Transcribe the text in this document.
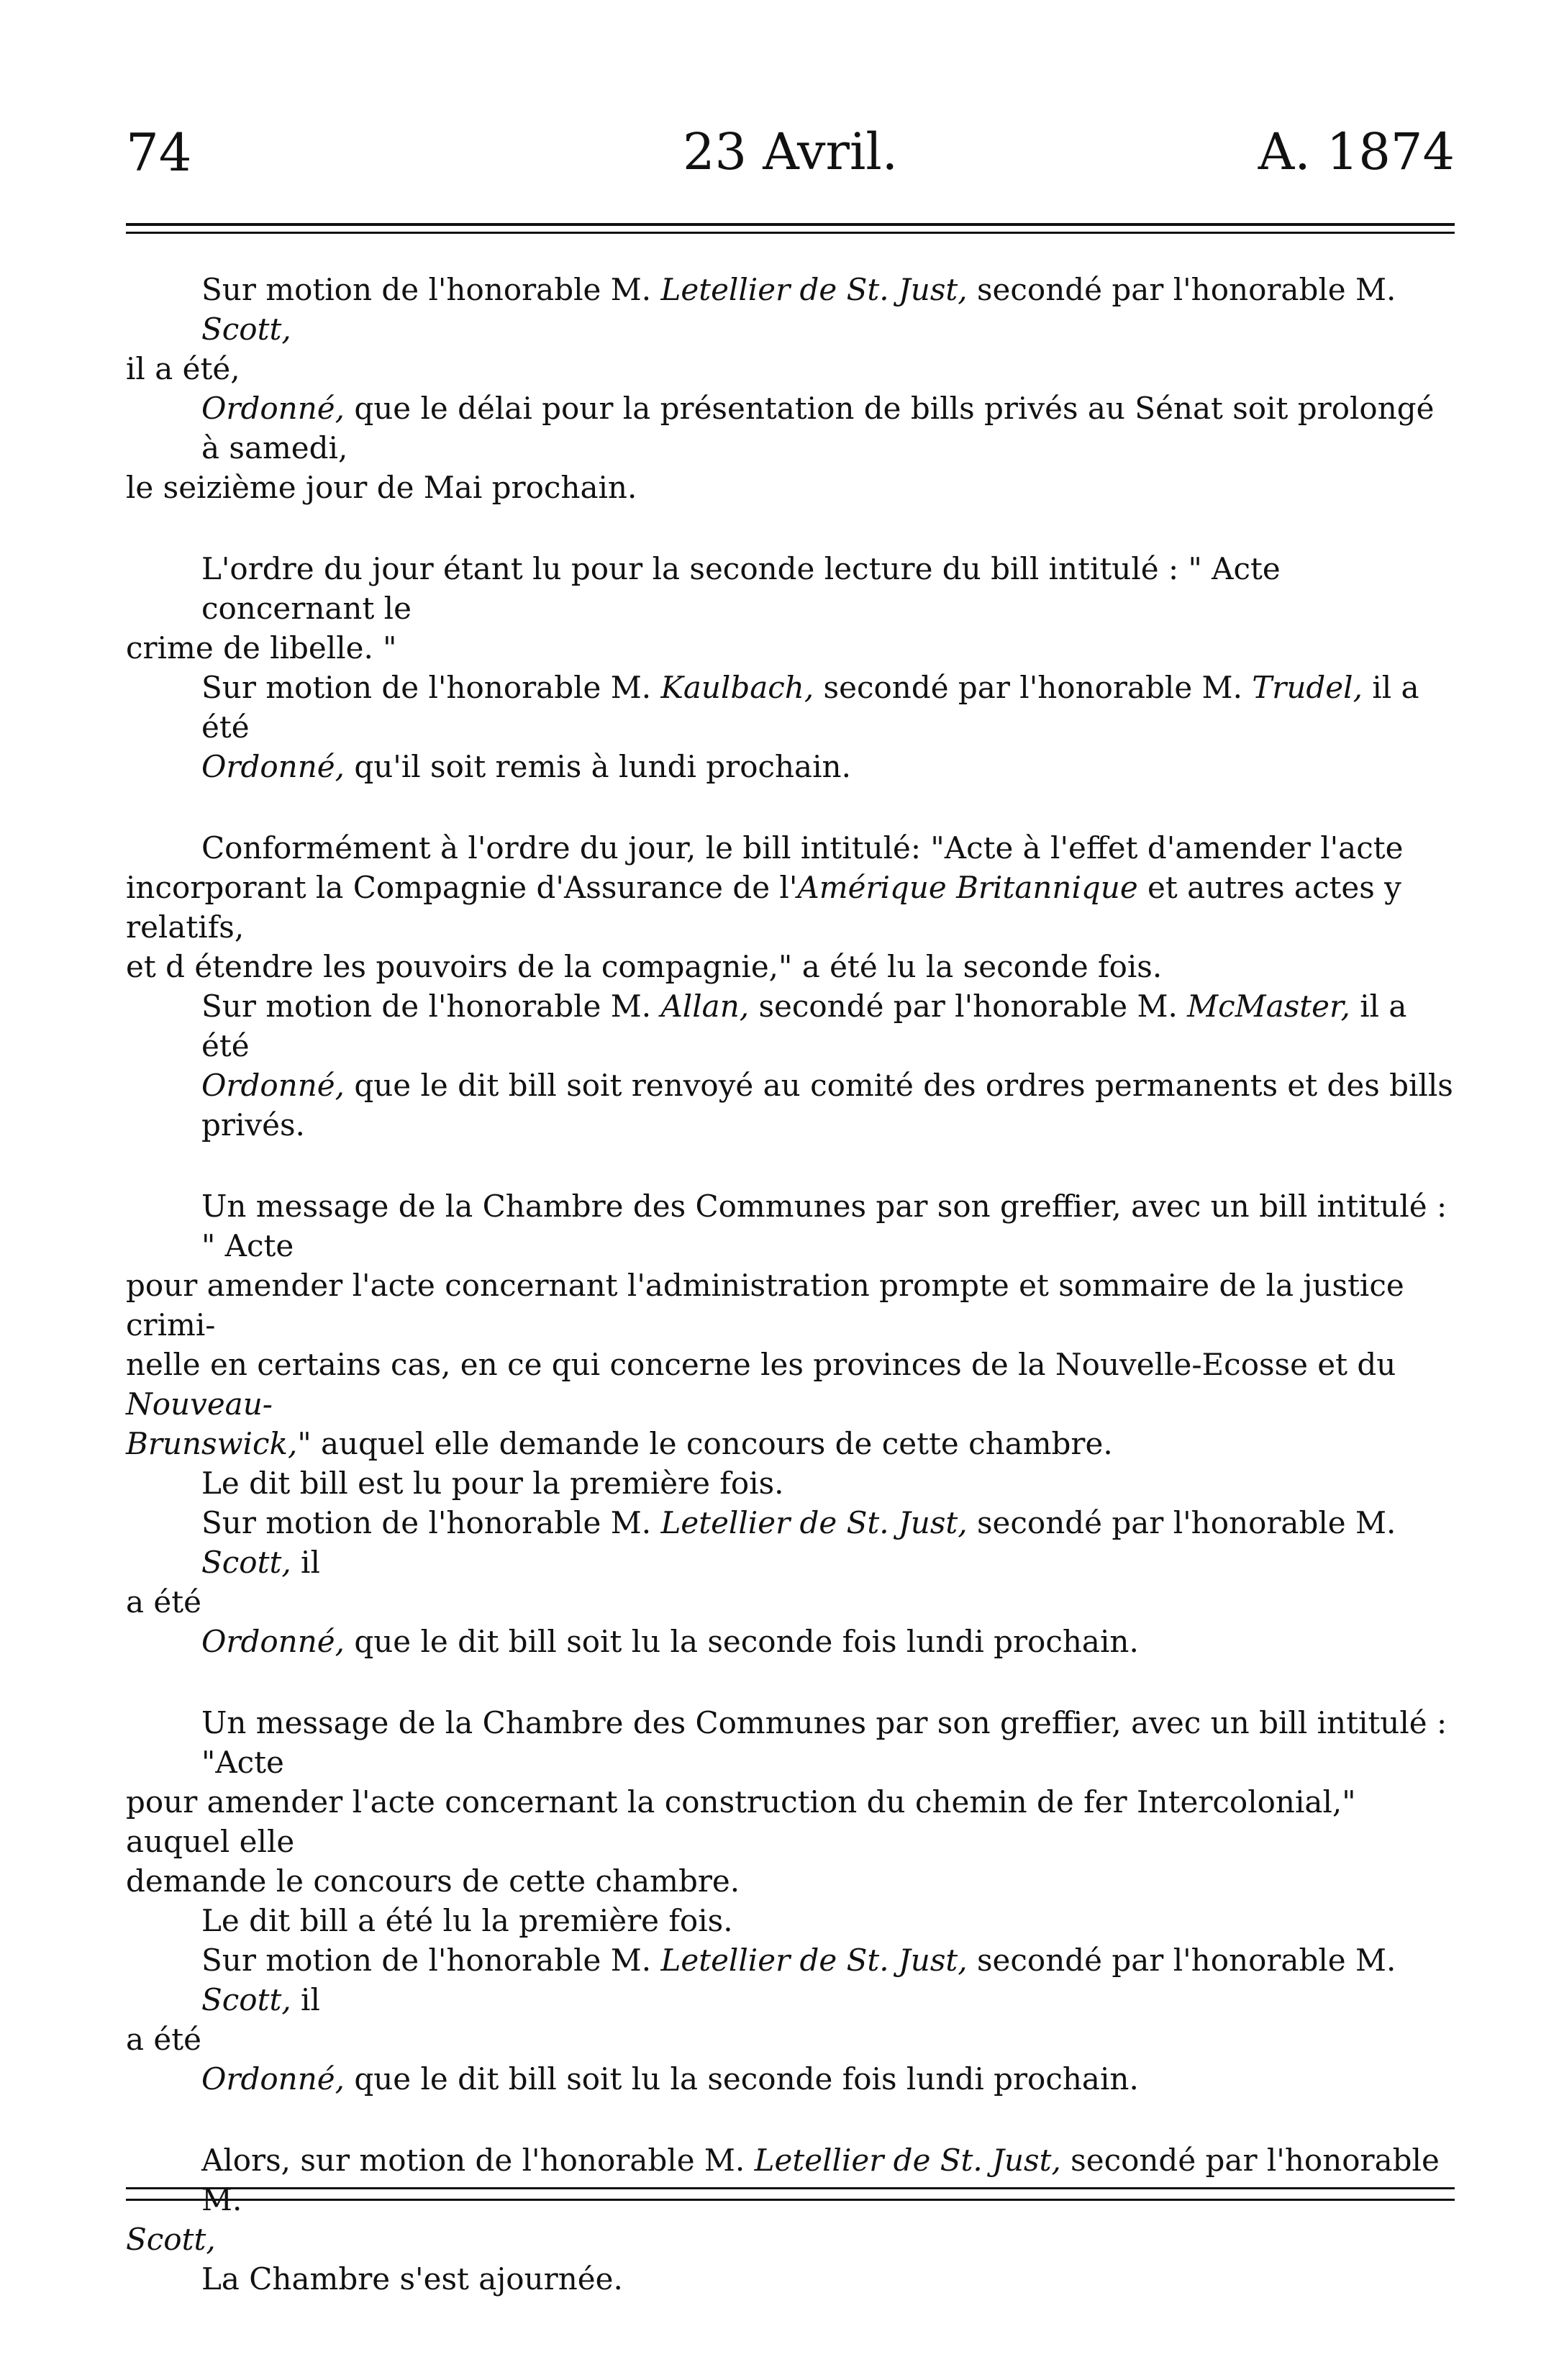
74	23 Avril.	A. 1874
Sur motion de l'honorable M. Letellier de St. Just, secondé par l'honorable M. Scott,
il a été,
Ordonné, que le délai pour la présentation de bills privés au Sénat soit prolongé à samedi,
le seizième jour de Mai prochain.
L'ordre du jour étant lu pour la seconde lecture du bill intitulé : " Acte concernant le
crime de libelle. "
Sur motion de l'honorable M. Kaulbach, secondé par l'honorable M. Trudel, il a été
Ordonné, qu'il soit remis à lundi prochain.
Conformément à l'ordre du jour, le bill intitulé: "Acte à l'effet d'amender l'acte
incorporant la Compagnie d'Assurance de l'Amérique Britannique et autres actes y relatifs,
et d étendre les pouvoirs de la compagnie," a été lu la seconde fois.
Sur motion de l'honorable M. Allan, secondé par l'honorable M. McMaster, il a été
Ordonné, que le dit bill soit renvoyé au comité des ordres permanents et des bills privés.
Un message de la Chambre des Communes par son greffier, avec un bill intitulé : " Acte
pour amender l'acte concernant l'administration prompte et sommaire de la justice crimi-
nelle en certains cas, en ce qui concerne les provinces de la Nouvelle-Ecosse et du Nouveau-
Brunswick," auquel elle demande le concours de cette chambre.
Le dit bill est lu pour la première fois.
Sur motion de l'honorable M. Letellier de St. Just, secondé par l'honorable M. Scott, il
a été
Ordonné, que le dit bill soit lu la seconde fois lundi prochain.
Un message de la Chambre des Communes par son greffier, avec un bill intitulé : "Acte
pour amender l'acte concernant la construction du chemin de fer Intercolonial," auquel elle
demande le concours de cette chambre.
Le dit bill a été lu la première fois.
Sur motion de l'honorable M. Letellier de St. Just, secondé par l'honorable M. Scott, il
a été
Ordonné, que le dit bill soit lu la seconde fois lundi prochain.
Alors, sur motion de l'honorable M. Letellier de St. Just, secondé par l'honorable M.
Scott,
La Chambre s'est ajournée.
